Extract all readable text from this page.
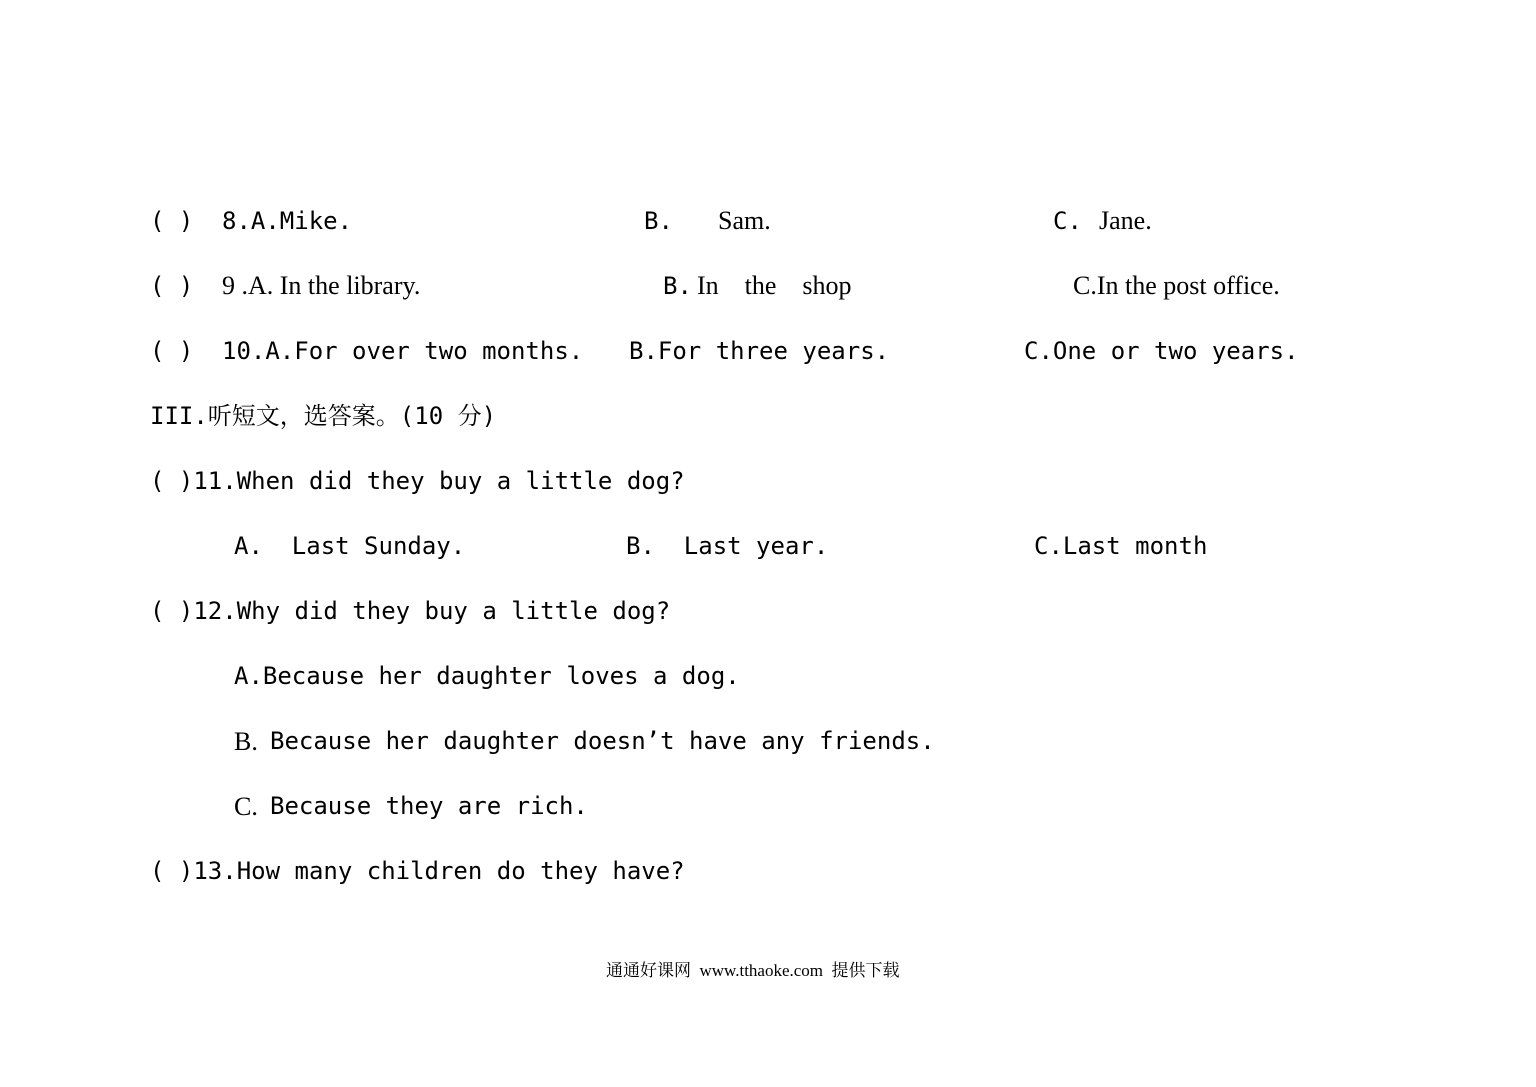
( ) 8.A.Mike.	B. Sam.	C. Jane.
( ) 9 .A. In the library.	B. In    the    shop	C.In the post office.
( ) 10.A.For over two months. B.For three years.	C.One or two years.
III.听短文，选答案。(10 分)
( )11.When did they buy a little dog?
A.  Last Sunday.	B.  Last year.	C.Last month
( )12.Why did they buy a little dog?
A.Because her daughter loves a dog.
B. Because her daughter doesn’t have any friends.
C. Because they are rich.
( )13.How many children do they have?
通通好课网  www.tthaoke.com  提供下载
